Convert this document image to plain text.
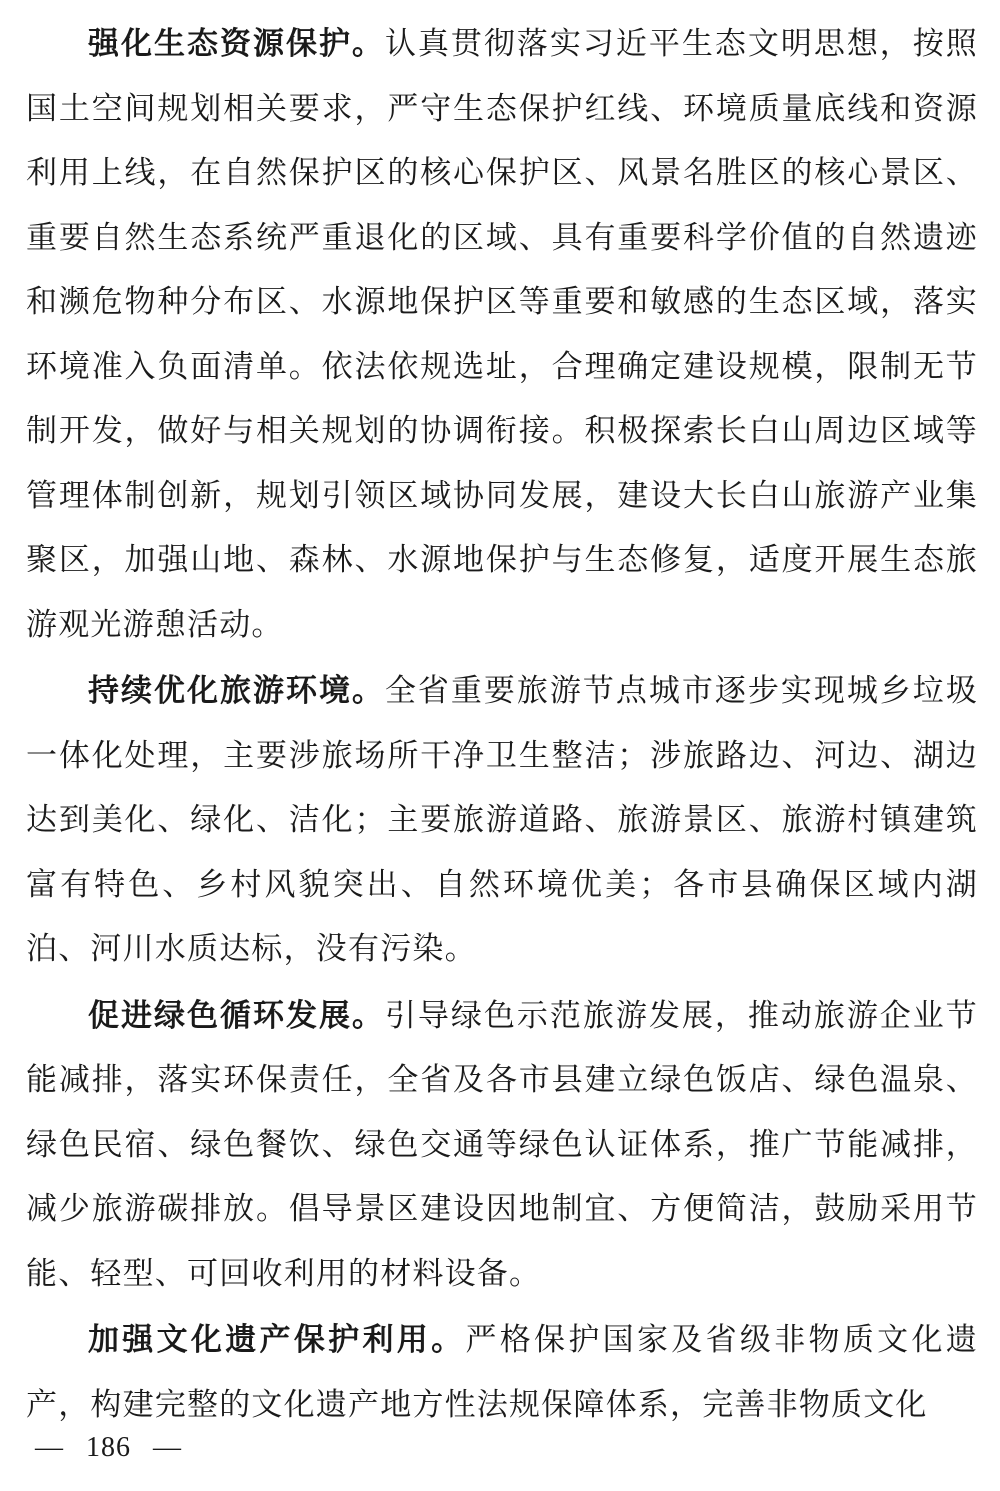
强化生态资源保护。认真贯彻落实习近平生态文明思想，按照国土空间规划相关要求，严守生态保护红线、环境质量底线和资源利用上线，在自然保护区的核心保护区、风景名胜区的核心景区、重要自然生态系统严重退化的区域、具有重要科学价值的自然遗迹和濒危物种分布区、水源地保护区等重要和敏感的生态区域，落实环境准入负面清单。依法依规选址，合理确定建设规模，限制无节制开发，做好与相关规划的协调衔接。积极探索长白山周边区域等管理体制创新，规划引领区域协同发展，建设大长白山旅游产业集聚区，加强山地、森林、水源地保护与生态修复，适度开展生态旅游观光游憩活动。

持续优化旅游环境。全省重要旅游节点城市逐步实现城乡垃圾一体化处理，主要涉旅场所干净卫生整洁；涉旅路边、河边、湖边达到美化、绿化、洁化；主要旅游道路、旅游景区、旅游村镇建筑富有特色、乡村风貌突出、自然环境优美；各市县确保区域内湖泊、河川水质达标，没有污染。

促进绿色循环发展。引导绿色示范旅游发展，推动旅游企业节能减排，落实环保责任，全省及各市县建立绿色饭店、绿色温泉、绿色民宿、绿色餐饮、绿色交通等绿色认证体系，推广节能减排，减少旅游碳排放。倡导景区建设因地制宜、方便简洁，鼓励采用节能、轻型、可回收利用的材料设备。

加强文化遗产保护利用。严格保护国家及省级非物质文化遗产，构建完整的文化遗产地方性法规保障体系，完善非物质文化

— 186 —
